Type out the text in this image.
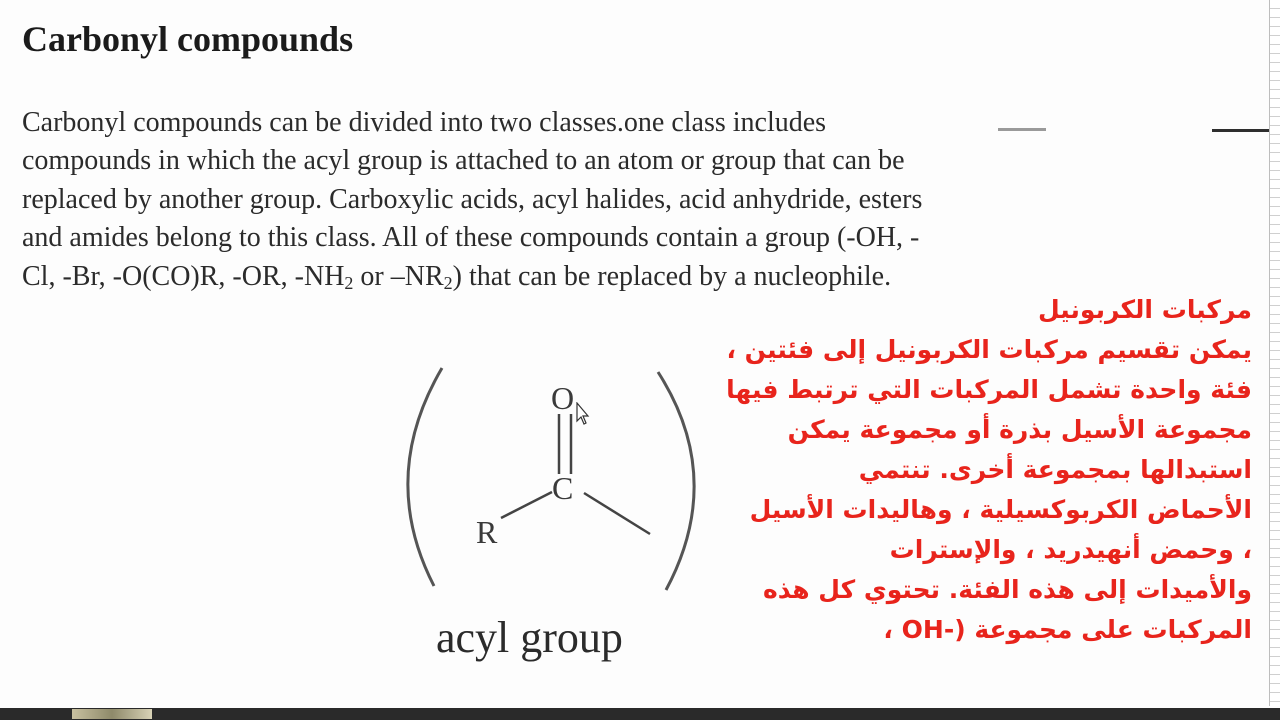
Carbonyl compounds
Carbonyl compounds can be divided into two classes.one class includes
compounds in which the acyl group is attached to an atom or group that can be
replaced by another group. Carboxylic acids, acyl halides, acid anhydride, esters
and amides belong to this class. All of these compounds contain a group (-OH, -
Cl, -Br, -O(CO)R, -OR, $-NH_2$ or $-NR_2$) that can be replaced by a nucleophile.
O
C
R
acyl group
مركبات الكربونيل
يمكن تقسيم مركبات الكربونيل إلى فئتين ،
فئة واحدة تشمل المركبات التي ترتبط فيها
مجموعة الأسيل بذرة أو مجموعة يمكن
استبدالها بمجموعة أخرى. تنتمي
الأحماض الكربوكسيلية ، وهاليدات الأسيل
، وحمض أنهيدريد ، والإسترات
والأميدات إلى هذه الفئة. تحتوي كل هذه
المركبات على مجموعة (-OH ،
